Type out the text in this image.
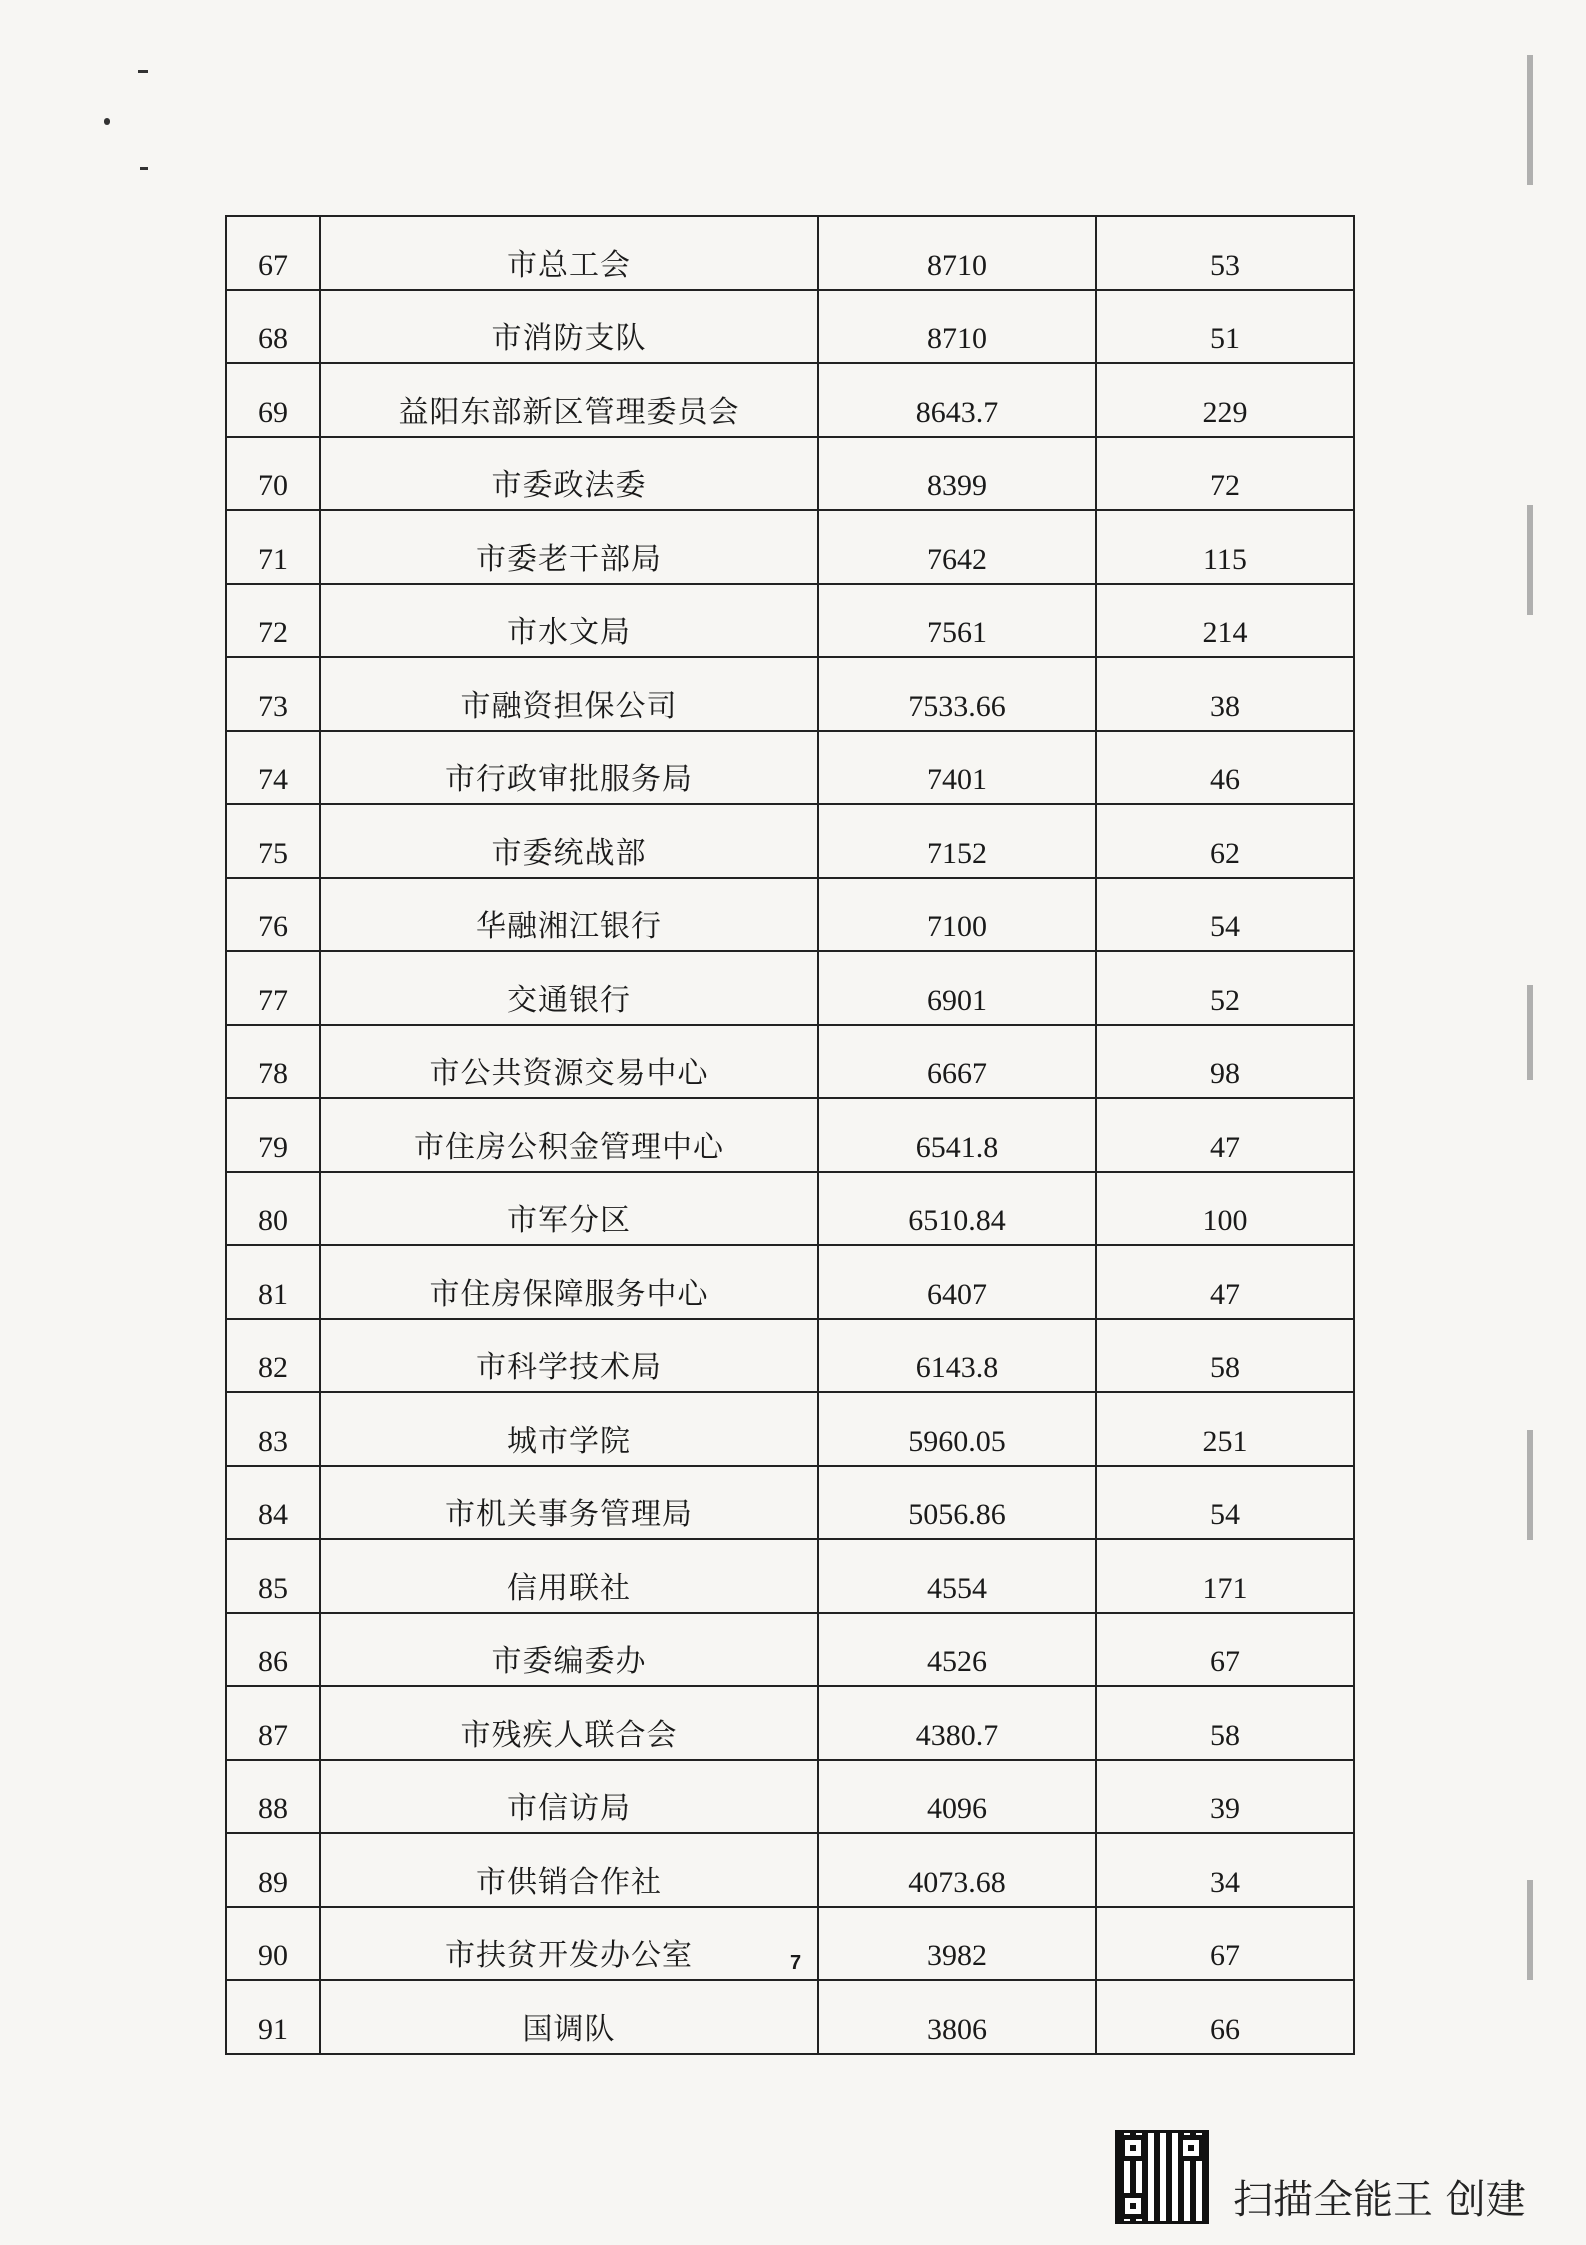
67	市总工会	8710	53
68	市消防支队	8710	51
69	益阳东部新区管理委员会	8643.7	229
70	市委政法委	8399	72
71	市委老干部局	7642	115
72	市水文局	7561	214
73	市融资担保公司	7533.66	38
74	市行政审批服务局	7401	46
75	市委统战部	7152	62
76	华融湘江银行	7100	54
77	交通银行	6901	52
78	市公共资源交易中心	6667	98
79	市住房公积金管理中心	6541.8	47
80	市军分区	6510.84	100
81	市住房保障服务中心	6407	47
82	市科学技术局	6143.8	58
83	城市学院	5960.05	251
84	市机关事务管理局	5056.86	54
85	信用联社	4554	171
86	市委编委办	4526	67
87	市残疾人联合会	4380.7	58
88	市信访局	4096	39
89	市供销合作社	4073.68	34
90	市扶贫开发办公室	3982	67
91	国调队	3806	66
7
扫描全能王 创建
